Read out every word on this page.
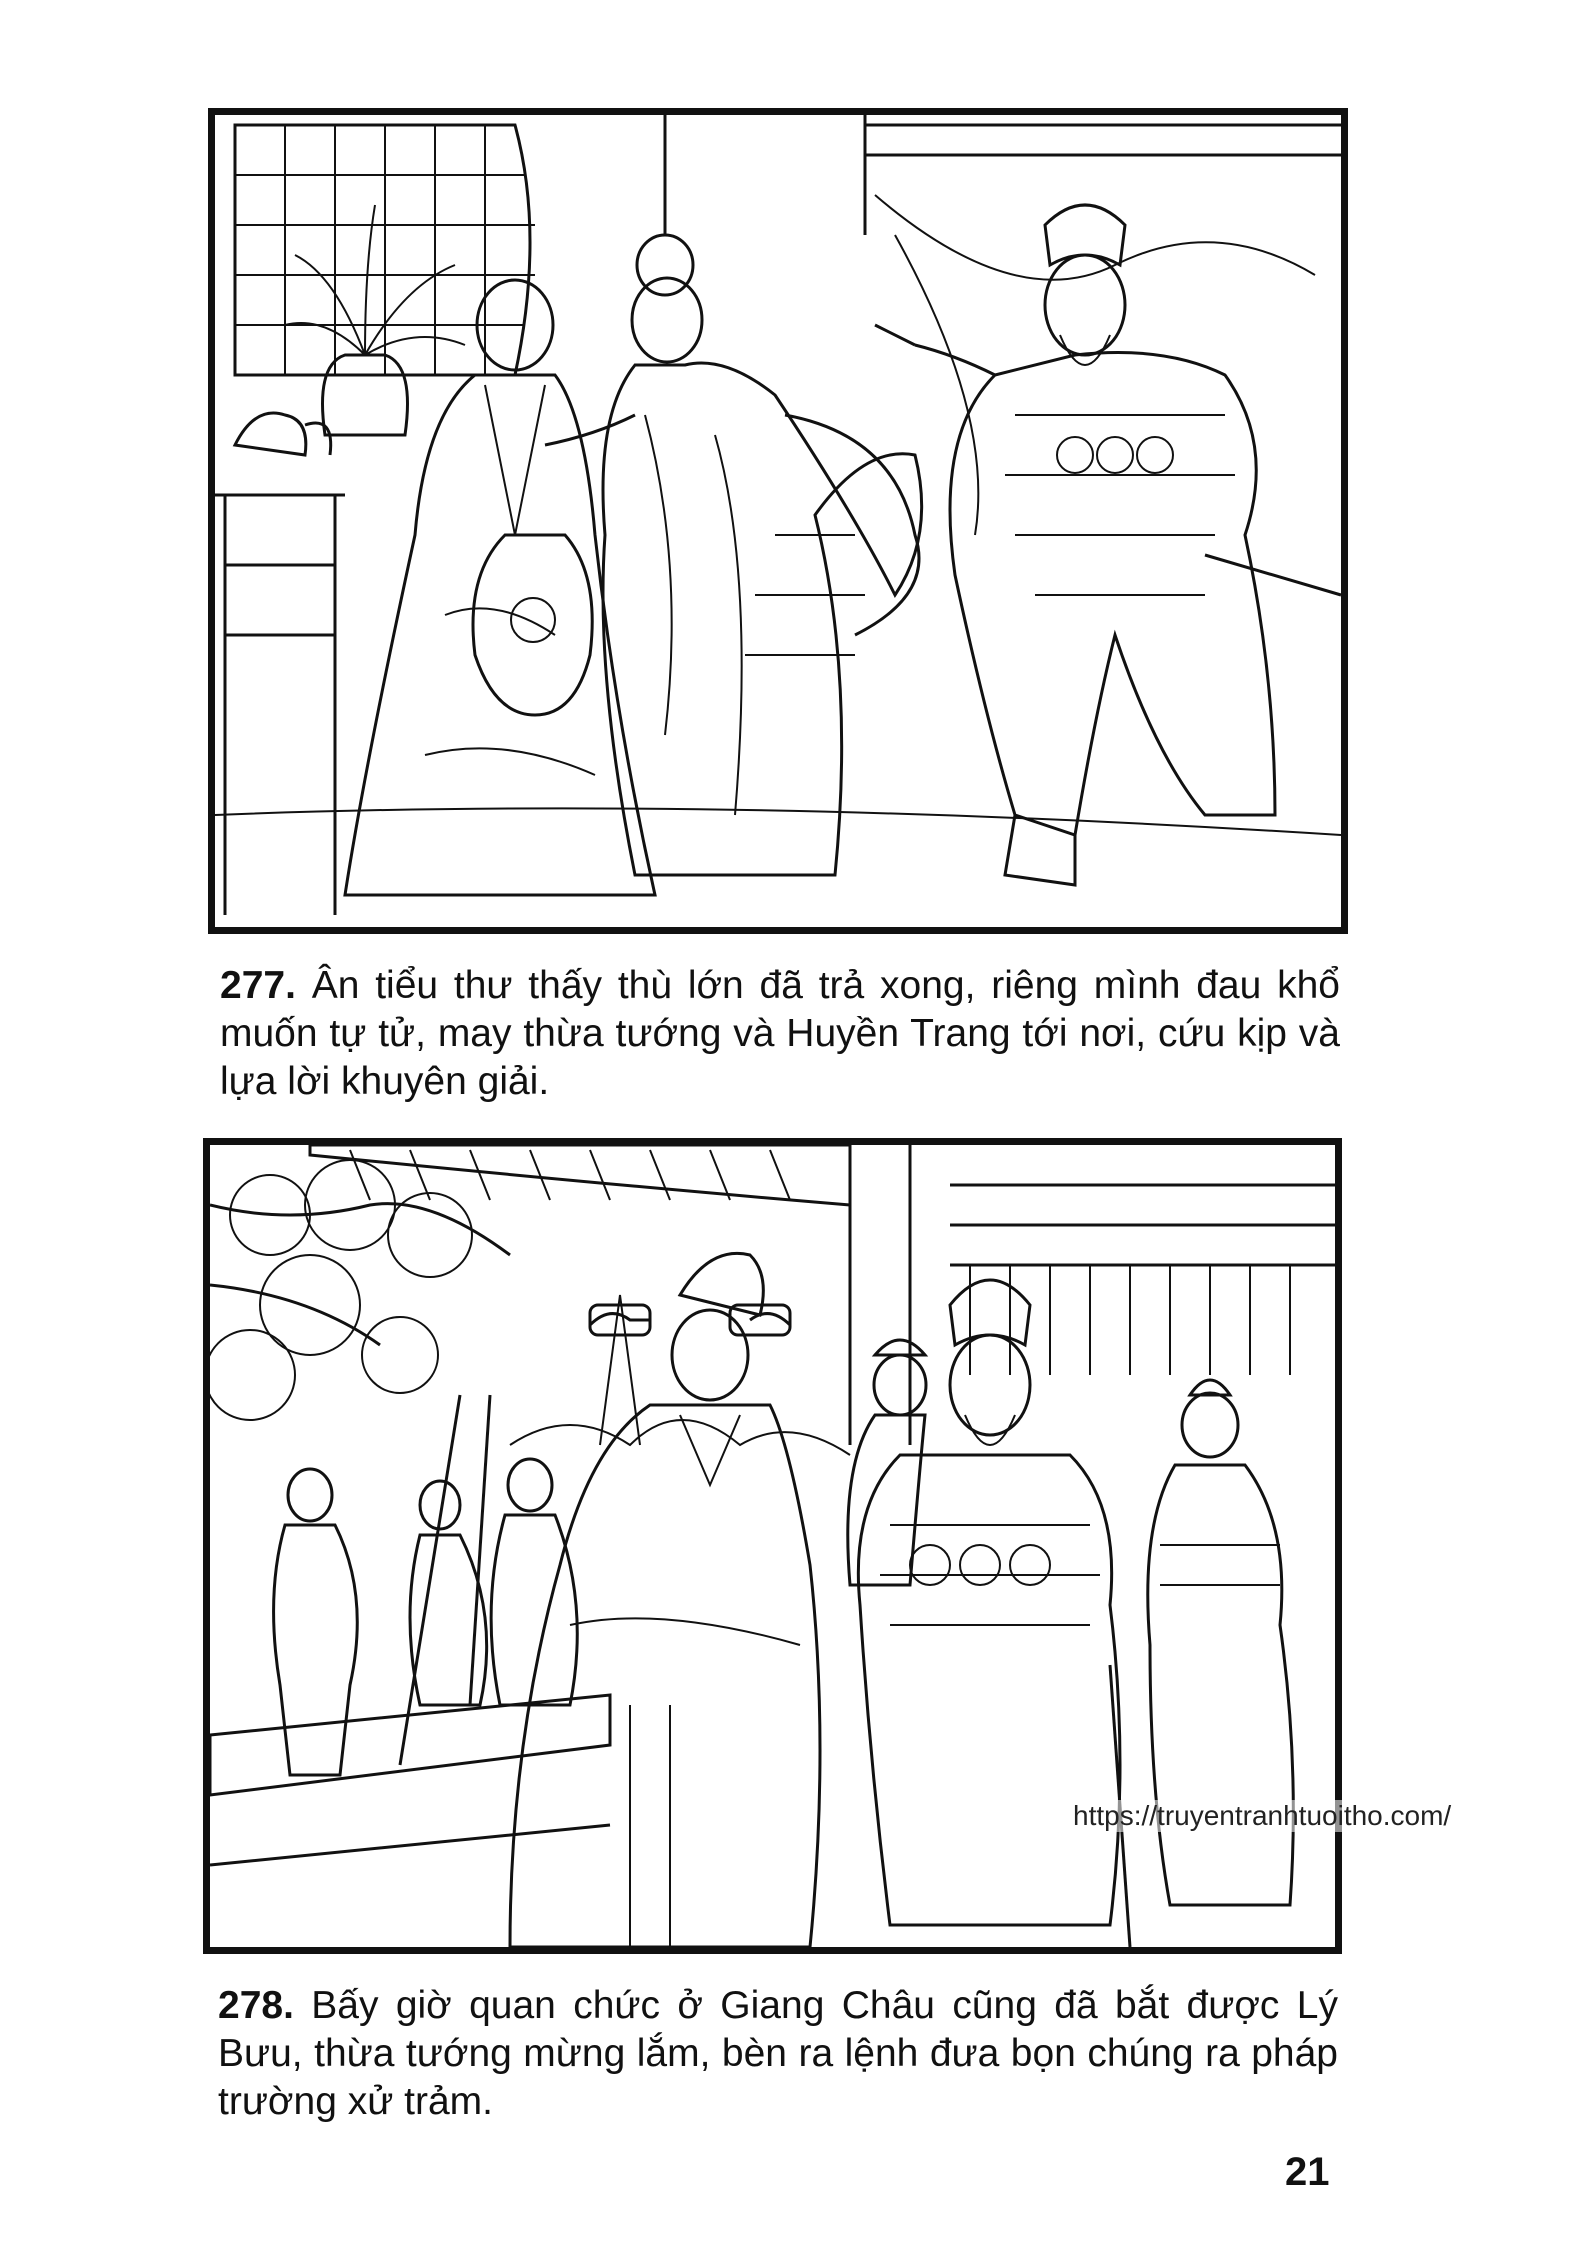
277. Ân tiểu thư thấy thù lớn đã trả xong, riêng mình đau khổ muốn tự tử, may thừa tướng và Huyền Trang tới nơi, cứu kịp và lựa lời khuyên giải.

https://truyentranhtuoitho.com/

278. Bấy giờ quan chức ở Giang Châu cũng đã bắt được Lý Bưu, thừa tướng mừng lắm, bèn ra lệnh đưa bọn chúng ra pháp trường xử trảm.

21
